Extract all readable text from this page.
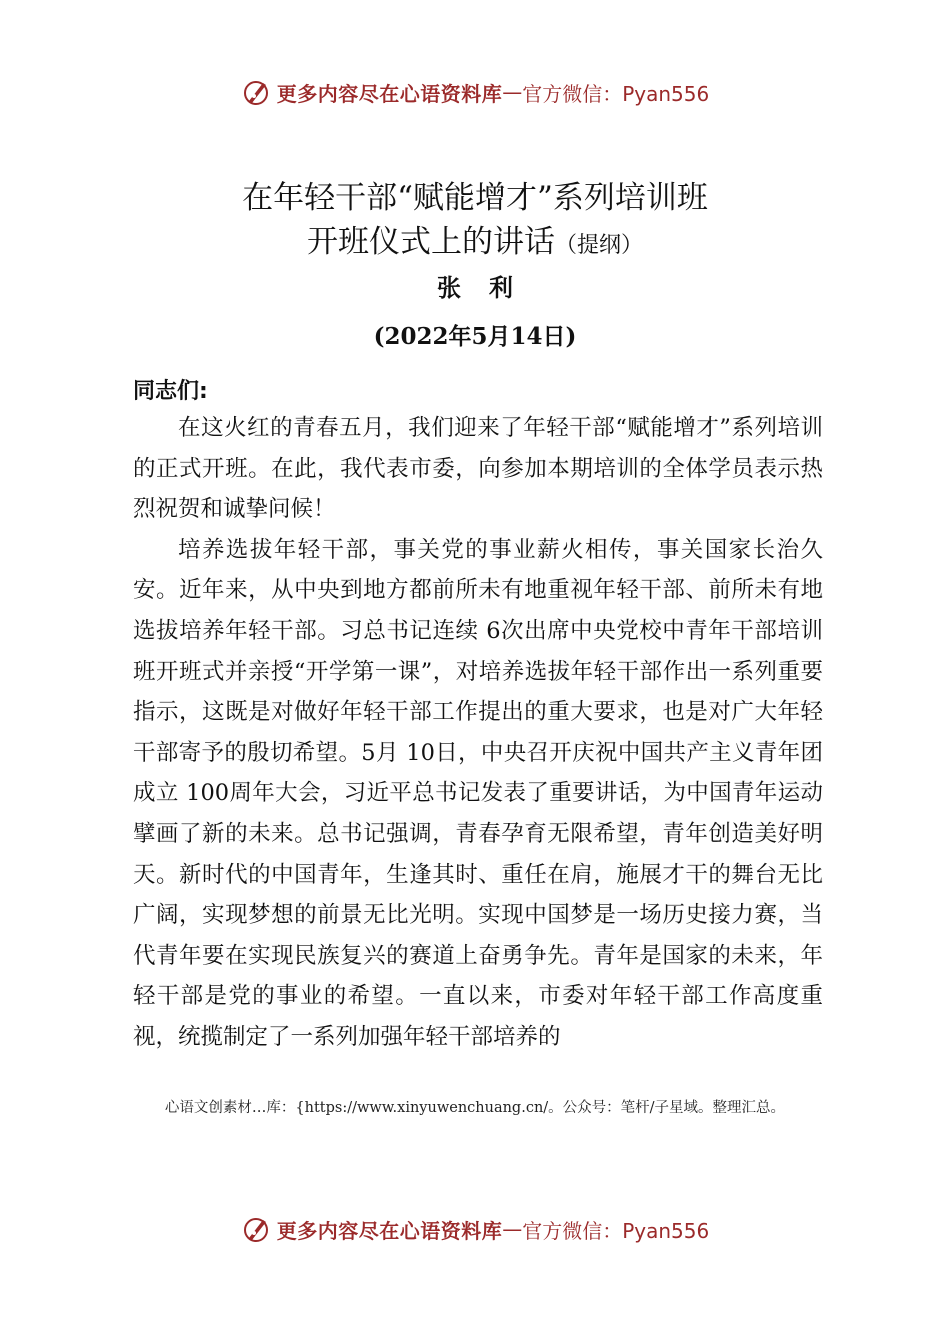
更多内容尽在心语资料库 — 官方微信：Pyan556
在年轻干部“赋能增才”系列培训班
开班仪式上的讲话（提纲）
张利
(2022年5月14日)
同志们:

在这火红的青春五月，我们迎来了年轻干部“赋能增才”系列培训的正式开班。在此，我代表市委，向参加本期培训的全体学员表示热烈祝贺和诚挚问候！

培养选拔年轻干部，事关党的事业薪火相传，事关国家长治久安。近年来，从中央到地方都前所未有地重视年轻干部、前所未有地选拔培养年轻干部。习总书记连续 6次出席中央党校中青年干部培训班开班式并亲授“开学第一课”，对培养选拔年轻干部作出一系列重要指示，这既是对做好年轻干部工作提出的重大要求，也是对广大年轻干部寄予的殷切希望。5月 10日，中央召开庆祝中国共产主义青年团成立 100周年大会，习近平总书记发表了重要讲话，为中国青年运动擘画了新的未来。总书记强调，青春孕育无限希望，青年创造美好明天。新时代的中国青年，生逢其时、重任在肩，施展才干的舞台无比广阔，实现梦想的前景无比光明。实现中国梦是一场历史接力赛，当代青年要在实现民族复兴的赛道上奋勇争先。青年是国家的未来，年轻干部是党的事业的希望。一直以来，市委对年轻干部工作高度重视，统揽制定了一系列加强年轻干部培养的

心语文创素材…库：{https://www.xinyuwenchuang.cn/。公众号：笔杆/子星域。整理汇总。
更多内容尽在心语资料库 — 官方微信：Pyan556
